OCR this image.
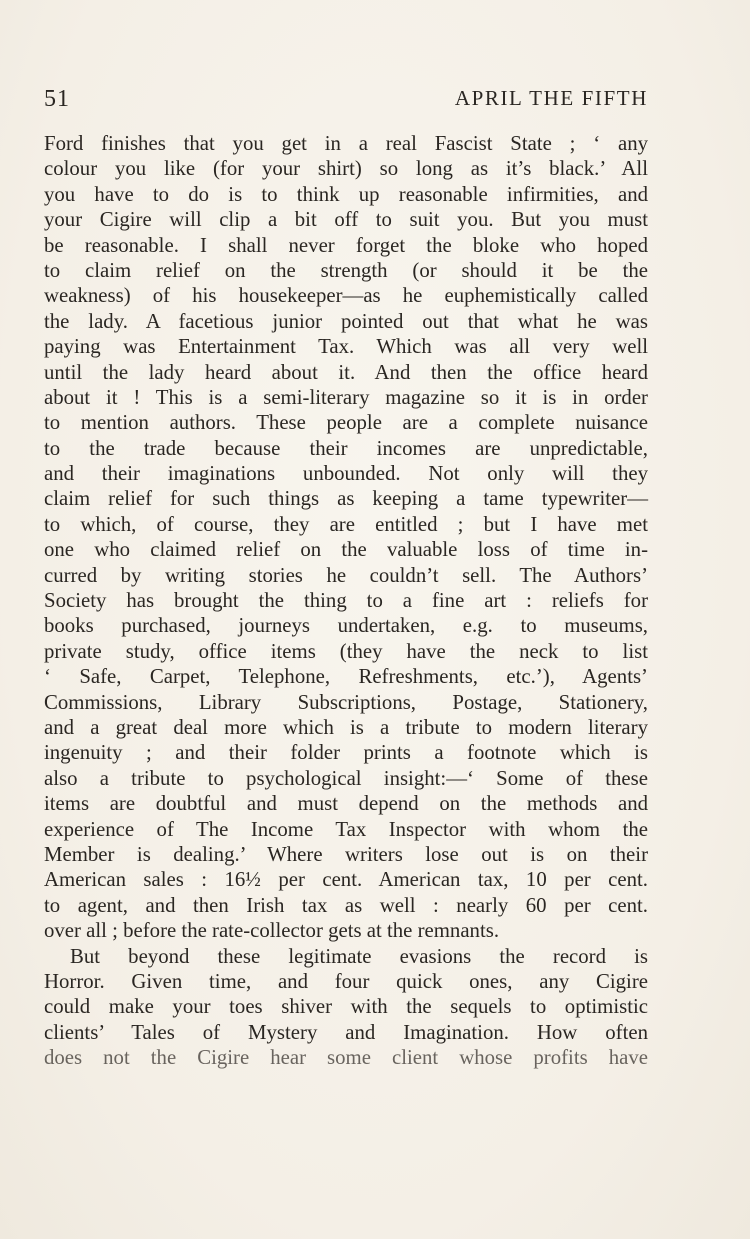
51	APRIL THE FIFTH
Ford finishes that you get in a real Fascist State ; ‘ any
colour you like (for your shirt) so long as it’s black.’ All
you have to do is to think up reasonable infirmities, and
your Cigire will clip a bit off to suit you. But you must
be reasonable. I shall never forget the bloke who hoped
to claim relief on the strength (or should it be the
weakness) of his housekeeper—as he euphemistically called
the lady. A facetious junior pointed out that what he was
paying was Entertainment Tax. Which was all very well
until the lady heard about it. And then the office heard
about it ! This is a semi-literary magazine so it is in order
to mention authors. These people are a complete nuisance
to the trade because their incomes are unpredictable,
and their imaginations unbounded. Not only will they
claim relief for such things as keeping a tame typewriter—
to which, of course, they are entitled ; but I have met
one who claimed relief on the valuable loss of time in-
curred by writing stories he couldn’t sell. The Authors’
Society has brought the thing to a fine art : reliefs for
books purchased, journeys undertaken, e.g. to museums,
private study, office items (they have the neck to list
‘ Safe, Carpet, Telephone, Refreshments, etc.’), Agents’
Commissions, Library Subscriptions, Postage, Stationery,
and a great deal more which is a tribute to modern literary
ingenuity ; and their folder prints a footnote which is
also a tribute to psychological insight:—‘ Some of these
items are doubtful and must depend on the methods and
experience of The Income Tax Inspector with whom the
Member is dealing.’ Where writers lose out is on their
American sales : 16½ per cent. American tax, 10 per cent.
to agent, and then Irish tax as well : nearly 60 per cent.
over all ; before the rate-collector gets at the remnants.
But beyond these legitimate evasions the record is
Horror. Given time, and four quick ones, any Cigire
could make your toes shiver with the sequels to optimistic
clients’ Tales of Mystery and Imagination. How often
does not the Cigire hear some client whose profits have
